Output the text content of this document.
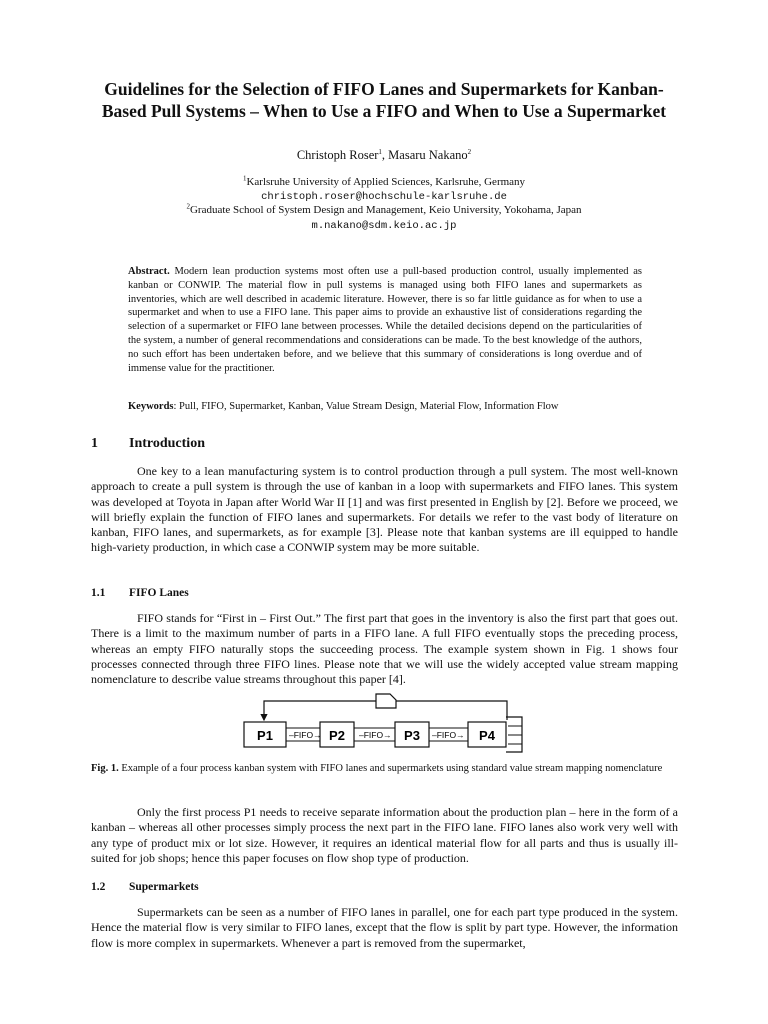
Guidelines for the Selection of FIFO Lanes and Supermarkets for Kanban-
Based Pull Systems – When to Use a FIFO and When to Use a Supermarket
Christoph Roser$^1$, Masaru Nakano$^2$
$^1$Karlsruhe University of Applied Sciences, Karlsruhe, Germany
christoph.roser@hochschule-karlsruhe.de
$^2$Graduate School of System Design and Management, Keio University, Yokohama, Japan
m.nakano@sdm.keio.ac.jp
Abstract. Modern lean production systems most often use a pull-based production control, usually implemented as kanban or CONWIP. The material flow in pull systems is managed using both FIFO lanes and supermarkets as inventories, which are well described in academic literature. However, there is so far little guidance as for when to use a supermarket and when to use a FIFO lane. This paper aims to provide an exhaustive list of considerations regarding the selection of a supermarket or FIFO lane between processes. While the detailed decisions depend on the particularities of the system, a number of general recommendations and considerations can be made. To the best knowledge of the authors, no such effort has been undertaken before, and we believe that this summary of considerations is long overdue and of immense value for the practitioner.
Keywords: Pull, FIFO, Supermarket, Kanban, Value Stream Design, Material Flow, Information Flow
1 Introduction
One key to a lean manufacturing system is to control production through a pull system. The most well-known approach to create a pull system is through the use of kanban in a loop with supermarkets and FIFO lanes. This system was developed at Toyota in Japan after World War II [1] and was first presented in English by [2]. Before we proceed, we will briefly explain the function of FIFO lanes and supermarkets. For details we refer to the vast body of literature on kanban, FIFO lanes, and supermarkets, as for example [3]. Please note that kanban systems are ill equipped to handle high-variety production, in which case a CONWIP system may be more suitable.
1.1 FIFO Lanes
FIFO stands for “First in – First Out.” The first part that goes in the inventory is also the first part that goes out. There is a limit to the maximum number of parts in a FIFO lane. A full FIFO eventually stops the preceding process, whereas an empty FIFO naturally stops the succeeding process. The example system shown in Fig. 1 shows four processes connected through three FIFO lines. Please note that we will use the widely accepted value stream mapping nomenclature to describe value streams throughout this paper [4].
P1	P2	P3	P4
–FIFO→	–FIFO→	–FIFO→
Fig. 1. Example of a four process kanban system with FIFO lanes and supermarkets using standard value stream mapping nomenclature
Only the first process P1 needs to receive separate information about the production plan – here in the form of a kanban – whereas all other processes simply process the next part in the FIFO lane. FIFO lanes also work very well with any type of product mix or lot size. However, it requires an identical material flow for all parts and thus is usually ill-suited for job shops; hence this paper focuses on flow shop type of production.
1.2 Supermarkets
Supermarkets can be seen as a number of FIFO lanes in parallel, one for each part type produced in the system. Hence the material flow is very similar to FIFO lanes, except that the flow is split by part type. However, the information flow is more complex in supermarkets. Whenever a part is removed from the supermarket,
